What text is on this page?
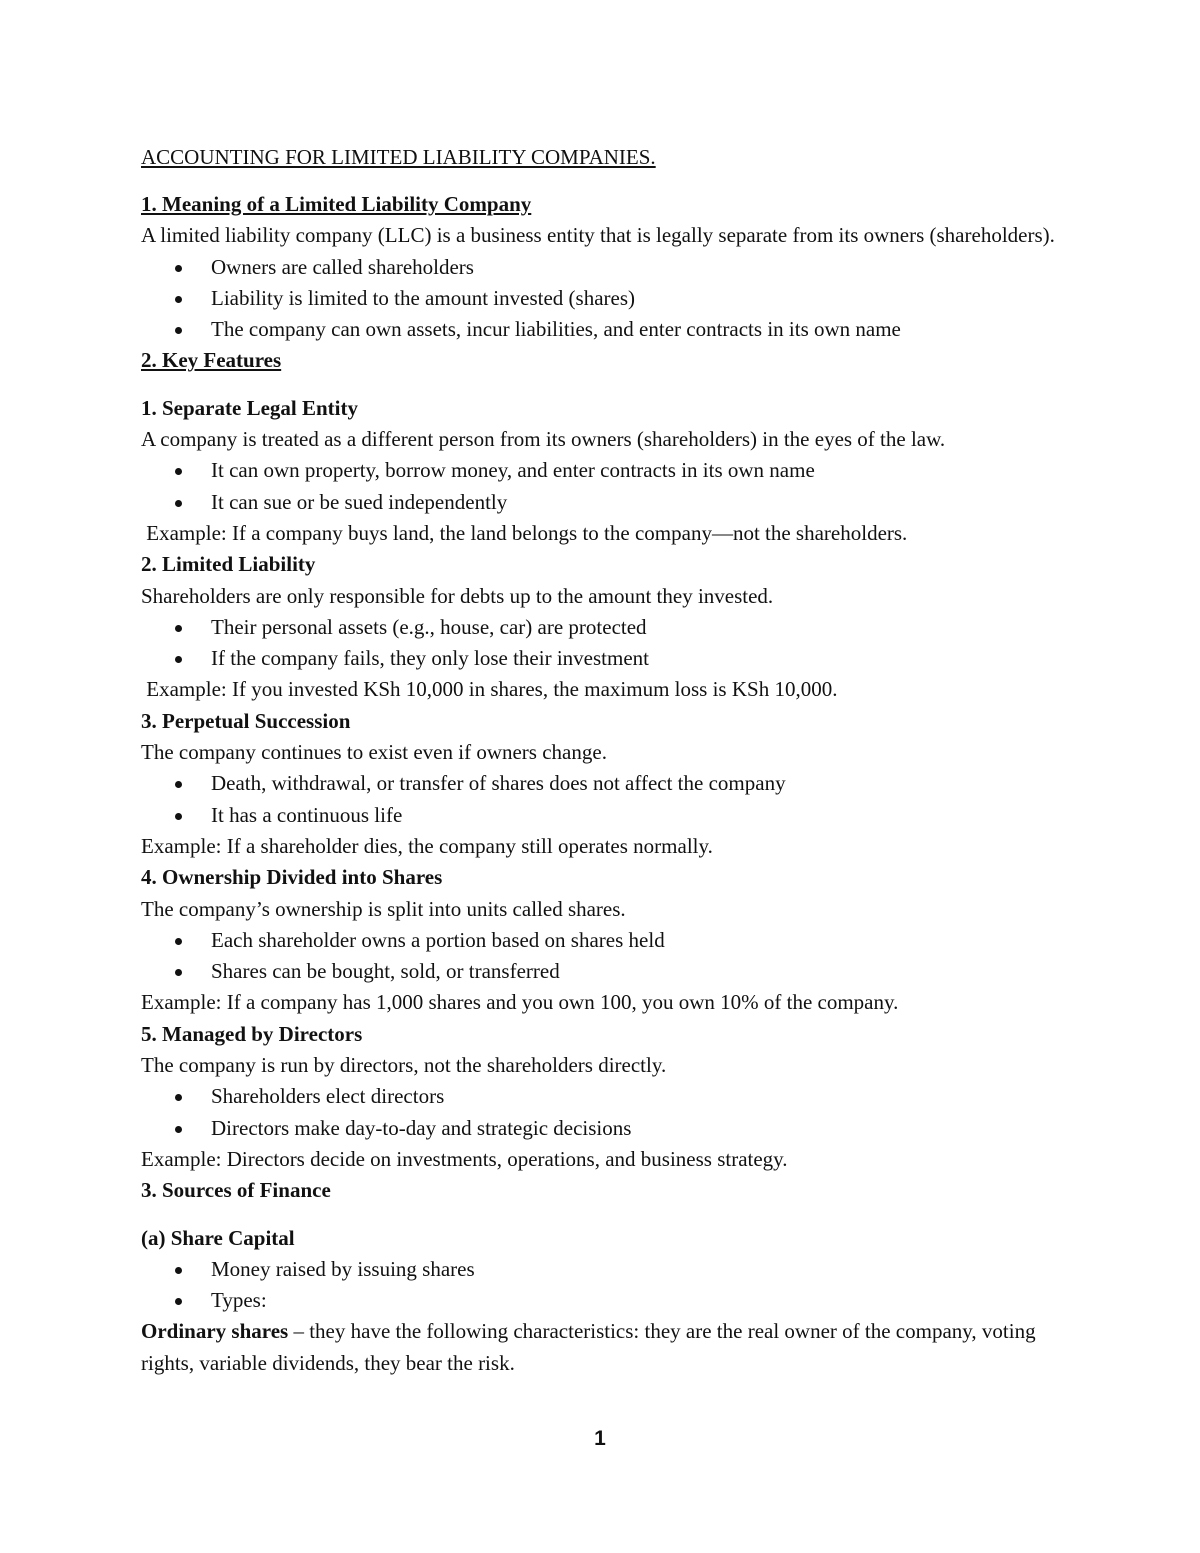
ACCOUNTING FOR LIMITED LIABILITY COMPANIES.

1. Meaning of a Limited Liability Company

A limited liability company (LLC) is a business entity that is legally separate from its owners (shareholders).

Owners are called shareholders
Liability is limited to the amount invested (shares)
The company can own assets, incur liabilities, and enter contracts in its own name

2. Key Features

1. Separate Legal Entity

A company is treated as a different person from its owners (shareholders) in the eyes of the law.

It can own property, borrow money, and enter contracts in its own name
It can sue or be sued independently

Example: If a company buys land, the land belongs to the company—not the shareholders.

2. Limited Liability

Shareholders are only responsible for debts up to the amount they invested.

Their personal assets (e.g., house, car) are protected
If the company fails, they only lose their investment

Example: If you invested KSh 10,000 in shares, the maximum loss is KSh 10,000.

3. Perpetual Succession

The company continues to exist even if owners change.

Death, withdrawal, or transfer of shares does not affect the company
It has a continuous life

Example: If a shareholder dies, the company still operates normally.

4. Ownership Divided into Shares

The company’s ownership is split into units called shares.

Each shareholder owns a portion based on shares held
Shares can be bought, sold, or transferred

Example: If a company has 1,000 shares and you own 100, you own 10% of the company.

5. Managed by Directors

The company is run by directors, not the shareholders directly.

Shareholders elect directors
Directors make day-to-day and strategic decisions

Example: Directors decide on investments, operations, and business strategy.

3. Sources of Finance

(a) Share Capital

Money raised by issuing shares
Types:

Ordinary shares – they have the following characteristics: they are the real owner of the company, voting rights, variable dividends, they bear the risk.

1
